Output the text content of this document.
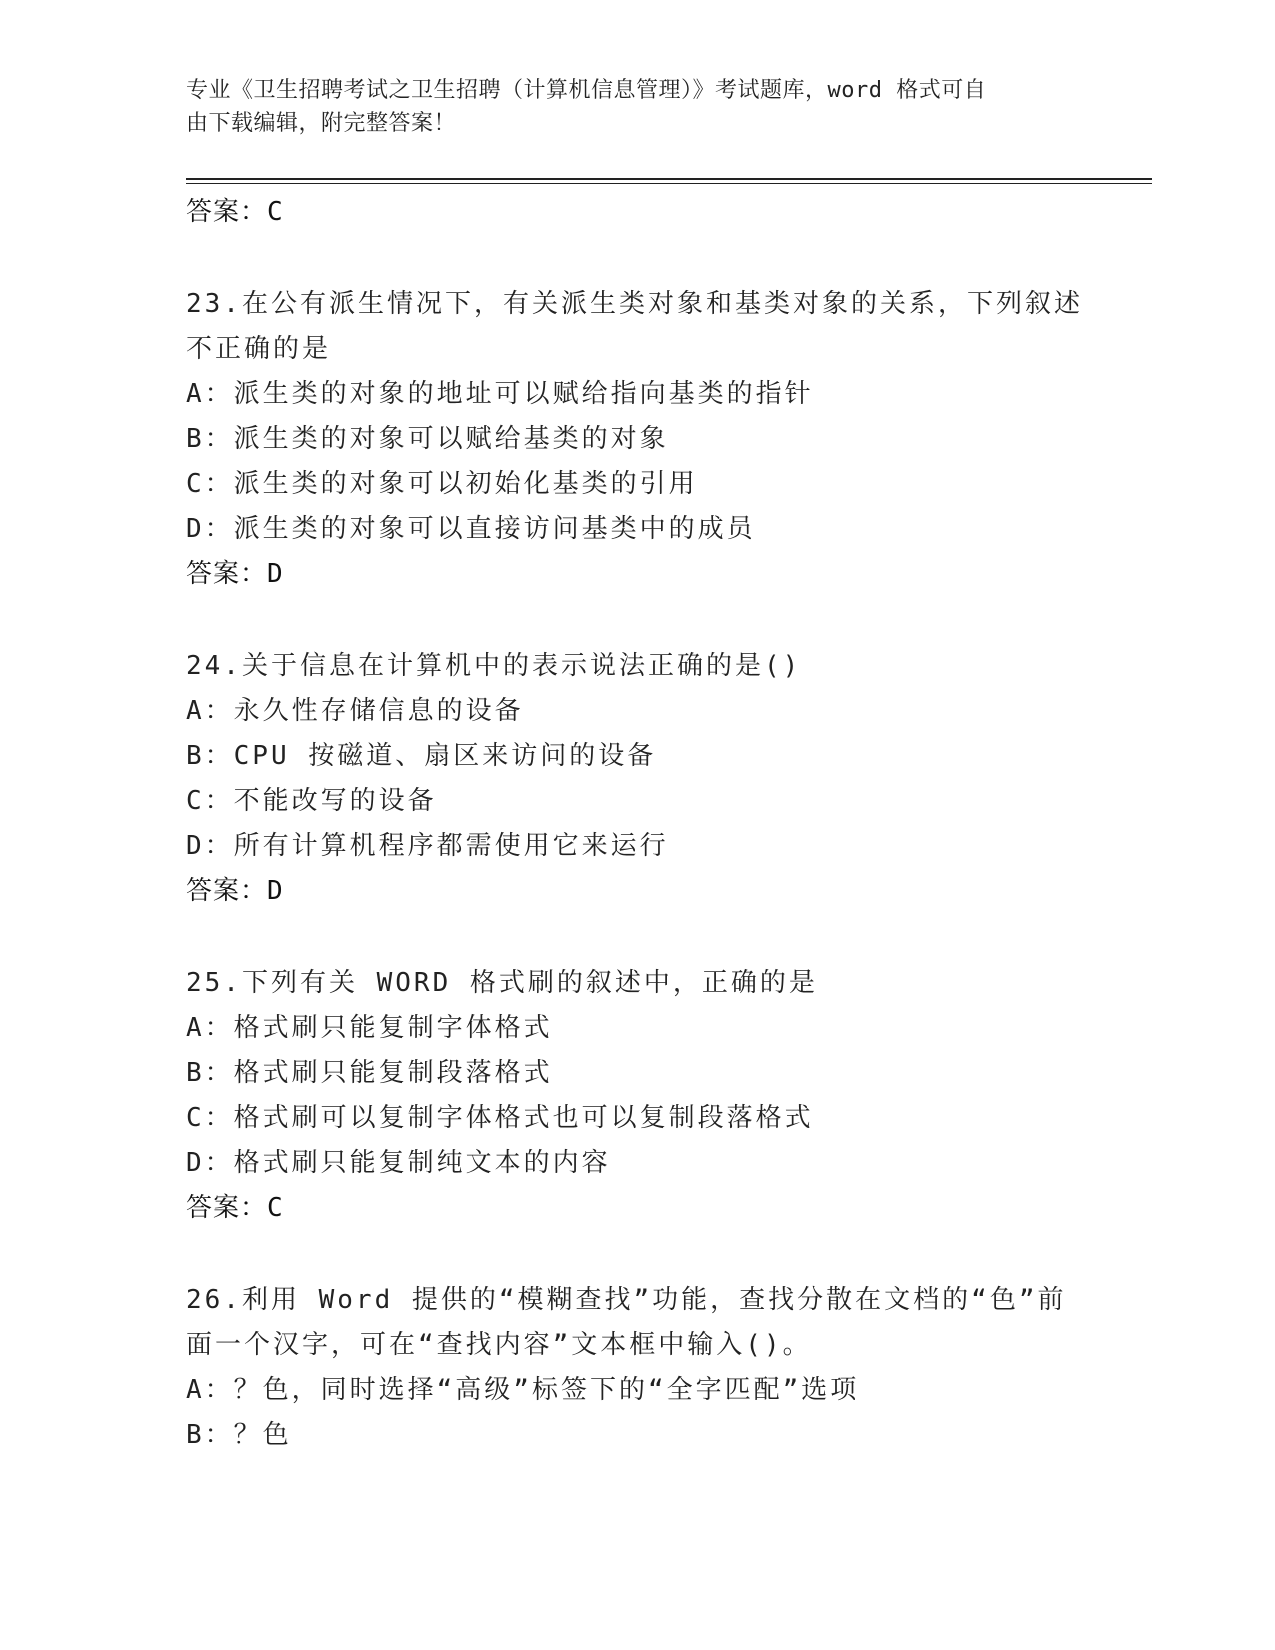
专业《卫生招聘考试之卫生招聘（计算机信息管理）》考试题库，word 格式可自
由下载编辑，附完整答案！
答案：C
23.在公有派生情况下，有关派生类对象和基类对象的关系，下列叙述
不正确的是
A：派生类的对象的地址可以赋给指向基类的指针
B：派生类的对象可以赋给基类的对象
C：派生类的对象可以初始化基类的引用
D：派生类的对象可以直接访问基类中的成员
答案：D
24.关于信息在计算机中的表示说法正确的是()
A：永久性存储信息的设备
B：CPU 按磁道、扇区来访问的设备
C：不能改写的设备
D：所有计算机程序都需使用它来运行
答案：D
25.下列有关 WORD 格式刷的叙述中，正确的是
A：格式刷只能复制字体格式
B：格式刷只能复制段落格式
C：格式刷可以复制字体格式也可以复制段落格式
D：格式刷只能复制纯文本的内容
答案：C
26.利用 Word 提供的“模糊查找”功能，查找分散在文档的“色”前
面一个汉字，可在“查找内容”文本框中输入()。
A：？色，同时选择“高级”标签下的“全字匹配”选项
B：？色
